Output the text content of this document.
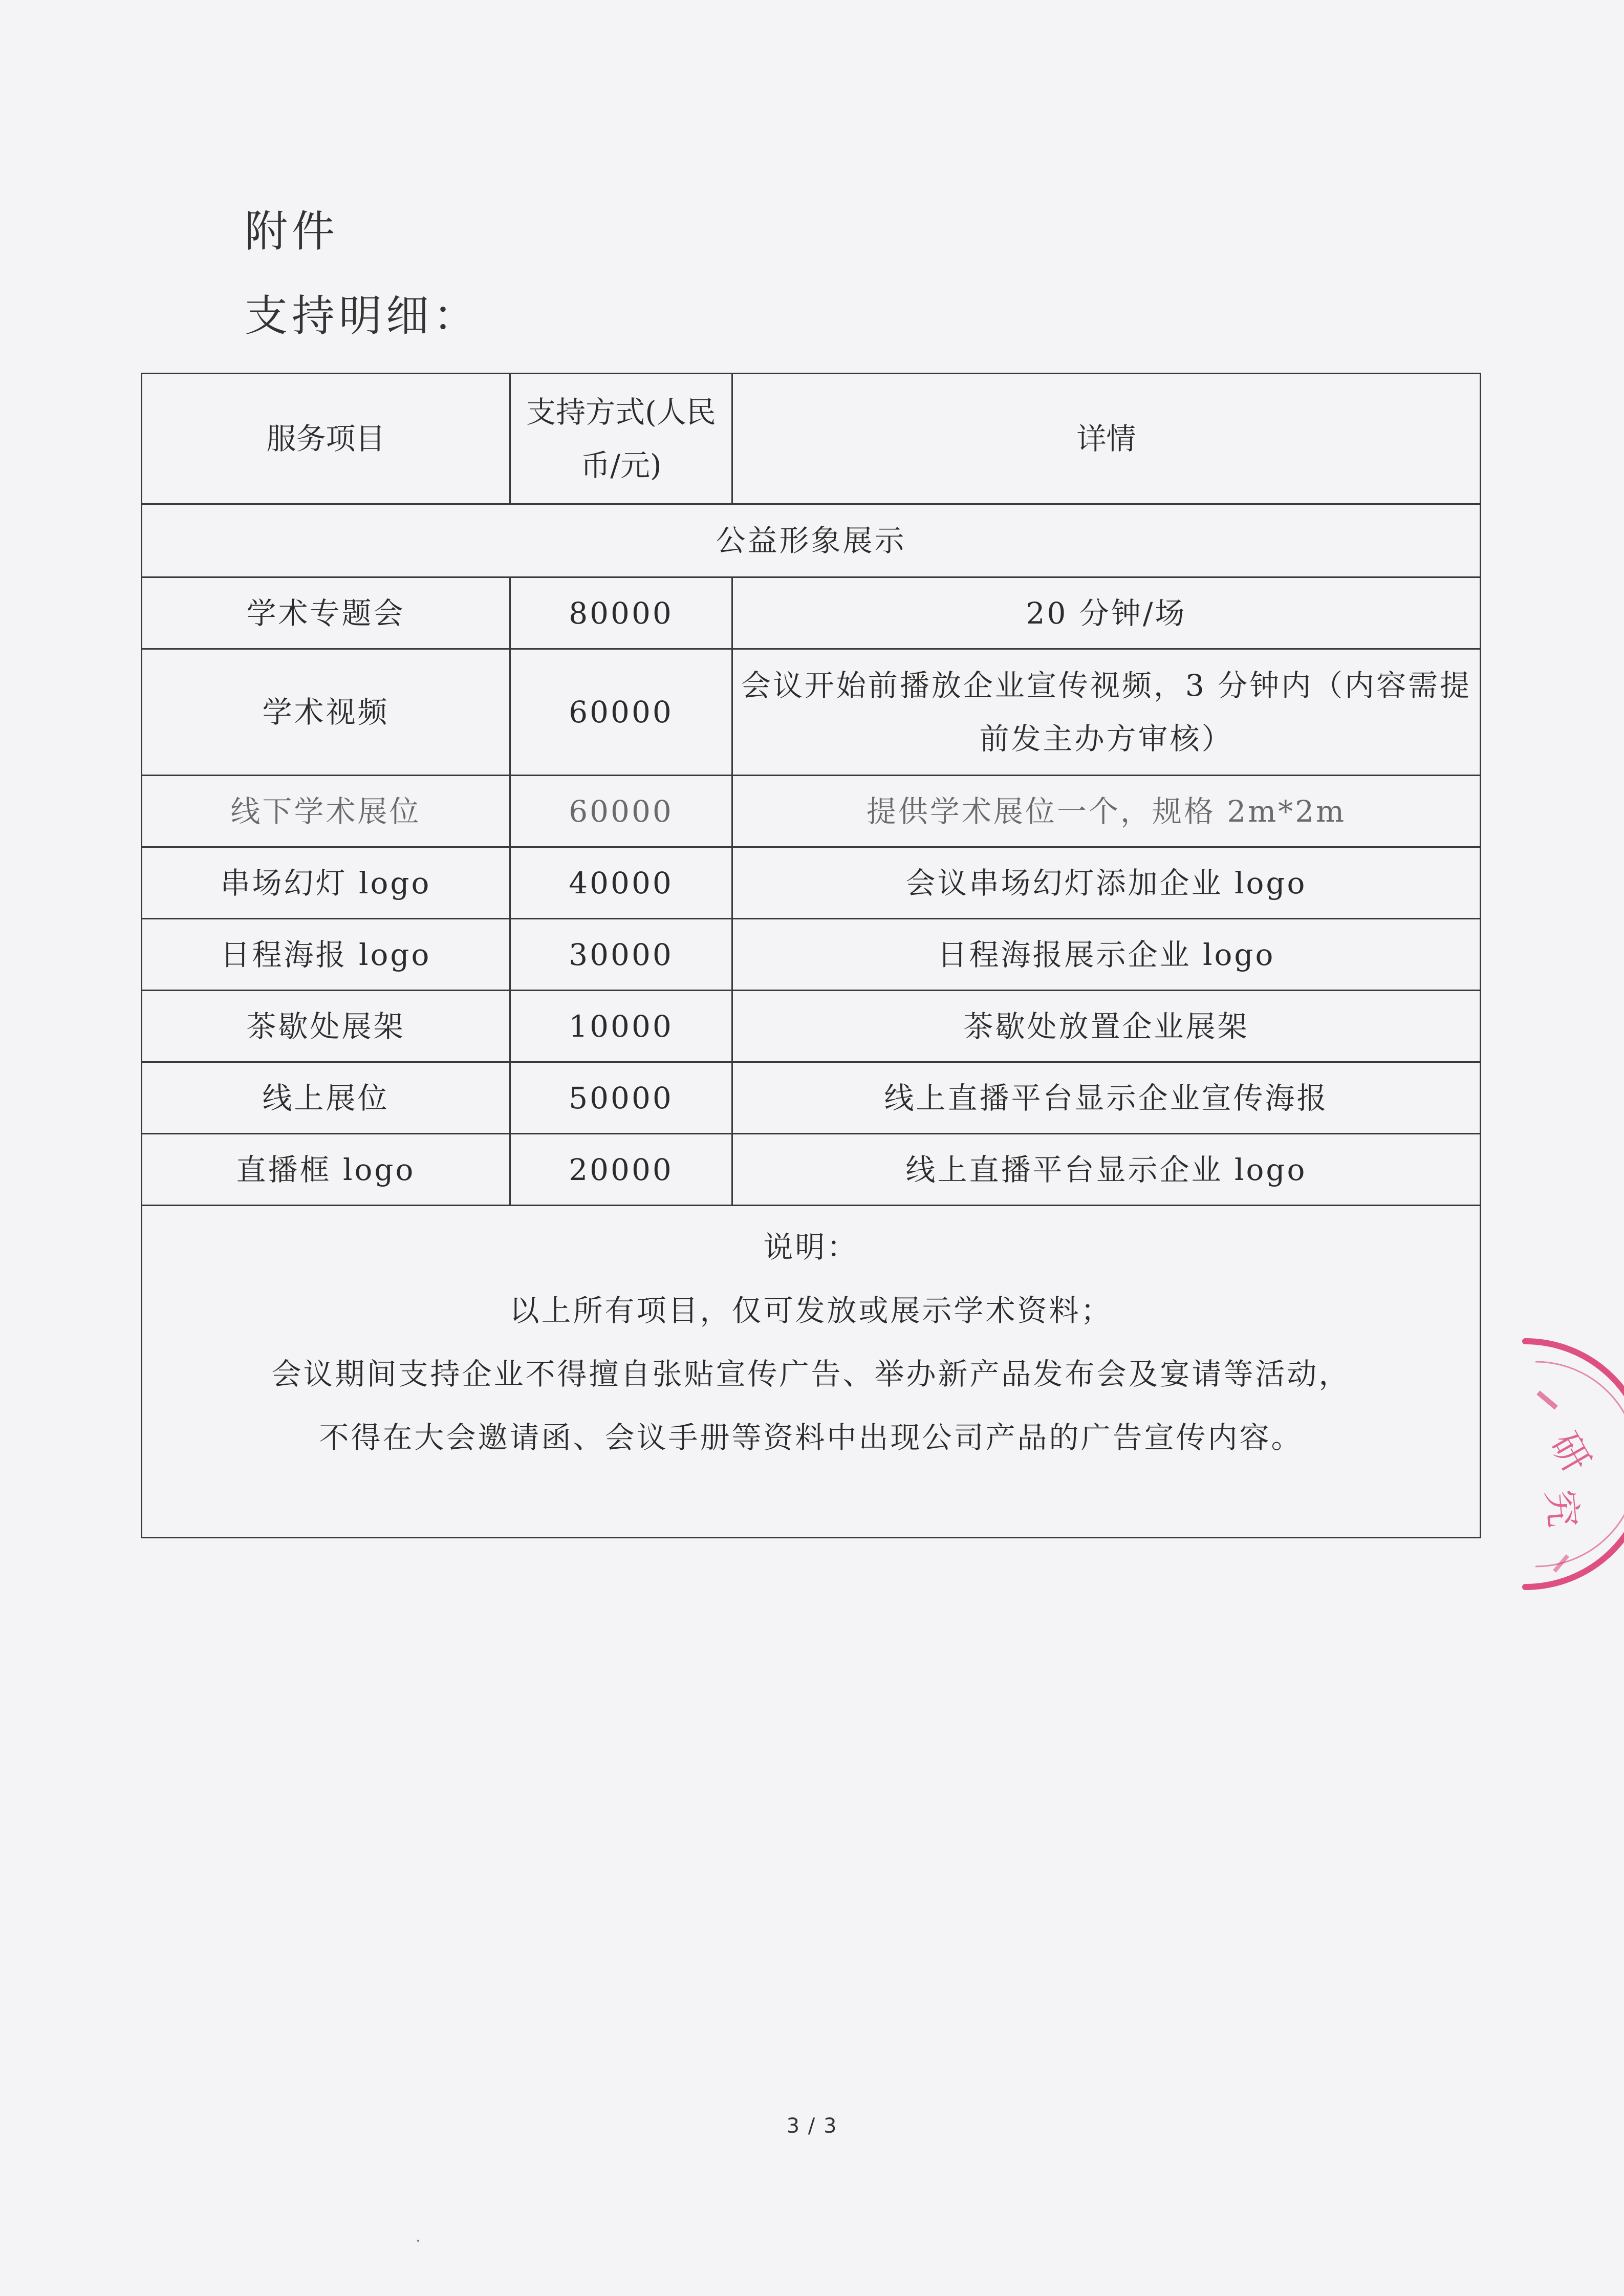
附件
支持明细：
服务项目	支持方式(人民币/元)	详情
公益形象展示		
学术专题会	80000	20 分钟/场
学术视频	60000	会议开始前播放企业宣传视频，3 分钟内（内容需提前发主办方审核）
线下学术展位	60000	提供学术展位一个，规格 2m*2m
串场幻灯 logo	40000	会议串场幻灯添加企业 logo
日程海报 logo	30000	日程海报展示企业 logo
茶歇处展架	10000	茶歇处放置企业展架
线上展位	50000	线上直播平台显示企业宣传海报
直播框 logo	20000	线上直播平台显示企业 logo

说明：
以上所有项目，仅可发放或展示学术资料；
会议期间支持企业不得擅自张贴宣传广告、举办新产品发布会及宴请等活动，
不得在大会邀请函、会议手册等资料中出现公司产品的广告宣传内容。			研
究
3 / 3
